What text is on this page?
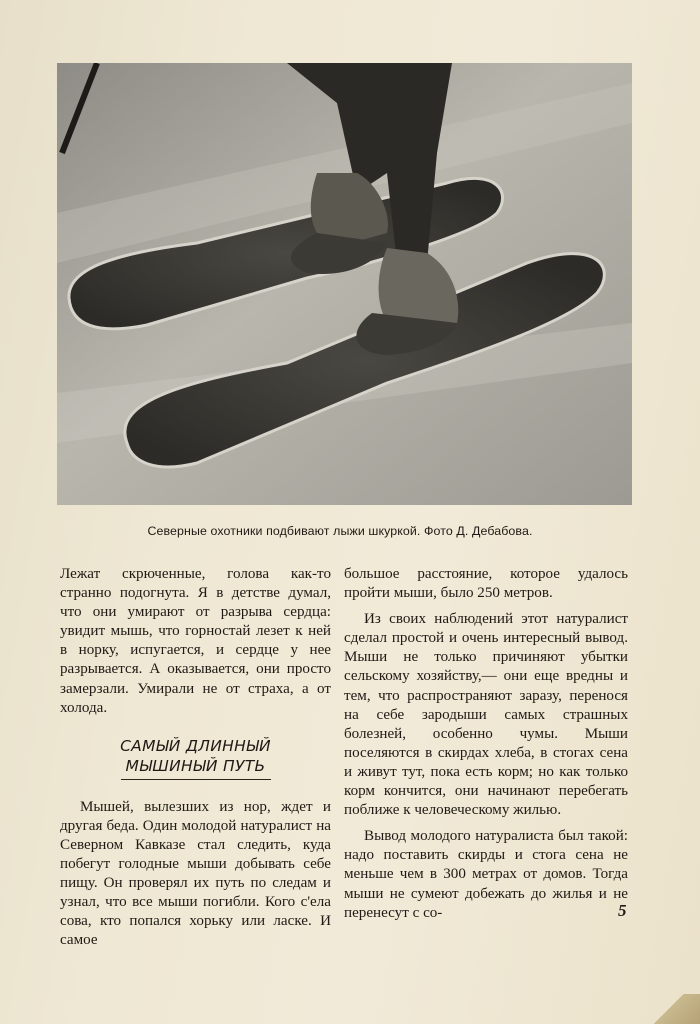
Северные охотники подбивают лыжи шкуркой. Фото Д. Дебабова.

Лежат скрюченные, голова как-то странно подогнута. Я в детстве думал, что они умирают от разрыва сердца: увидит мышь, что горностай лезет к ней в норку, испугается, и сердце у нее разрывается. А оказывается, они просто замерзали. Умирали не от страха, а от холода.

САМЫЙ ДЛИННЫЙ
МЫШИНЫЙ ПУТЬ

Мышей, вылезших из нор, ждет и другая беда. Один молодой натуралист на Северном Кавказе стал следить, куда побегут голодные мыши добывать себе пищу. Он проверял их путь по следам и узнал, что все мыши погибли. Кого с'ела сова, кто попался хорьку или ласке. И самое

большое расстояние, которое удалось пройти мыши, было 250 метров.

Из своих наблюдений этот натуралист сделал простой и очень интересный вывод. Мыши не только причиняют убытки сельскому хозяйству,— они еще вредны и тем, что распространяют заразу, перенося на себе зародыши самых страшных болезней, особенно чумы. Мыши поселяются в скирдах хлеба, в стогах сена и живут тут, пока есть корм; но как только корм кончится, они начинают перебегать поближе к человеческому жилью.

Вывод молодого натуралиста был такой: надо поставить скирды и стога сена не меньше чем в 300 метрах от домов. Тогда мыши не сумеют добежать до жилья и не перенесут с со-	5
